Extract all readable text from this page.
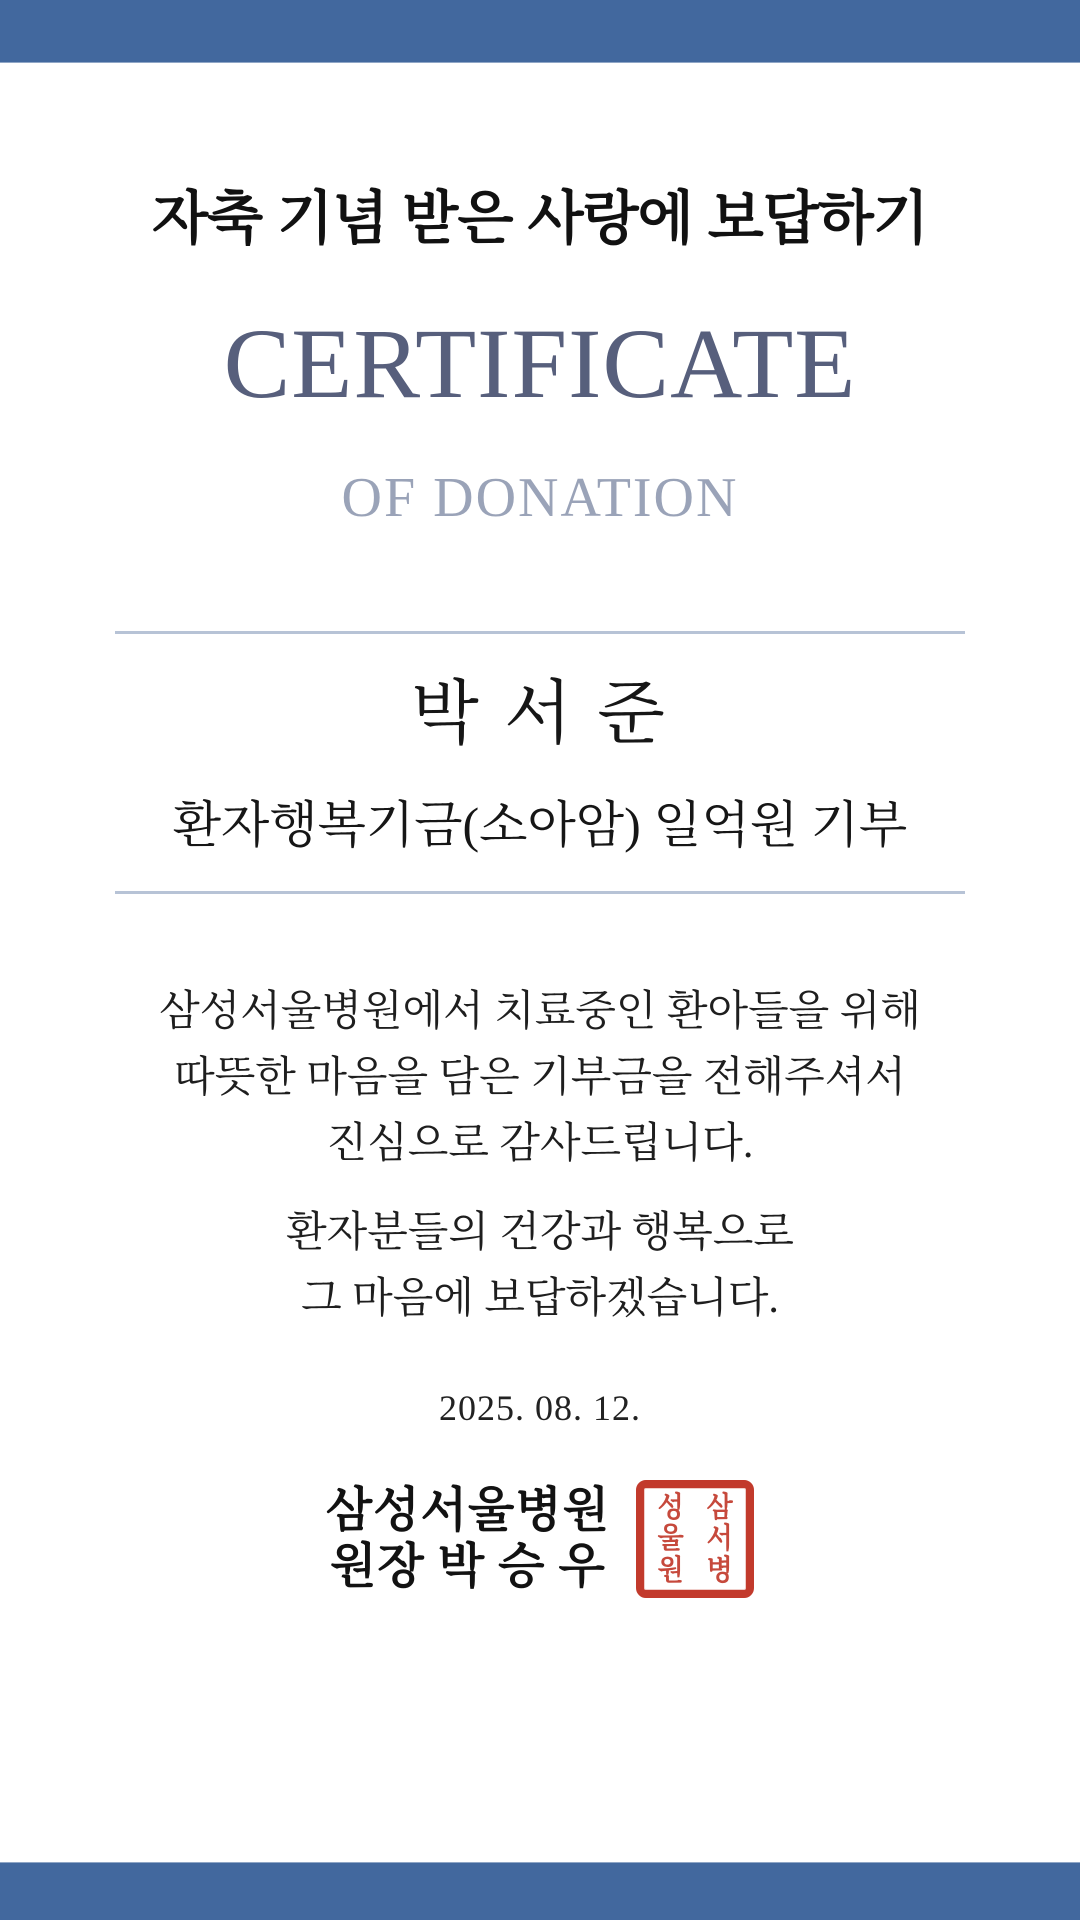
자축 기념 받은 사랑에 보답하기
CERTIFICATE
OF DONATION
박 서 준
환자행복기금(소아암) 일억원 기부
삼성서울병원에서 치료중인 환아들을 위해
따뜻한 마음을 담은 기부금을 전해주셔서
진심으로 감사드립니다.
환자분들의 건강과 행복으로
그 마음에 보답하겠습니다.
2025. 08. 12.
삼성서울병원
원장 박 승 우
삼
성
서
울
병
원
